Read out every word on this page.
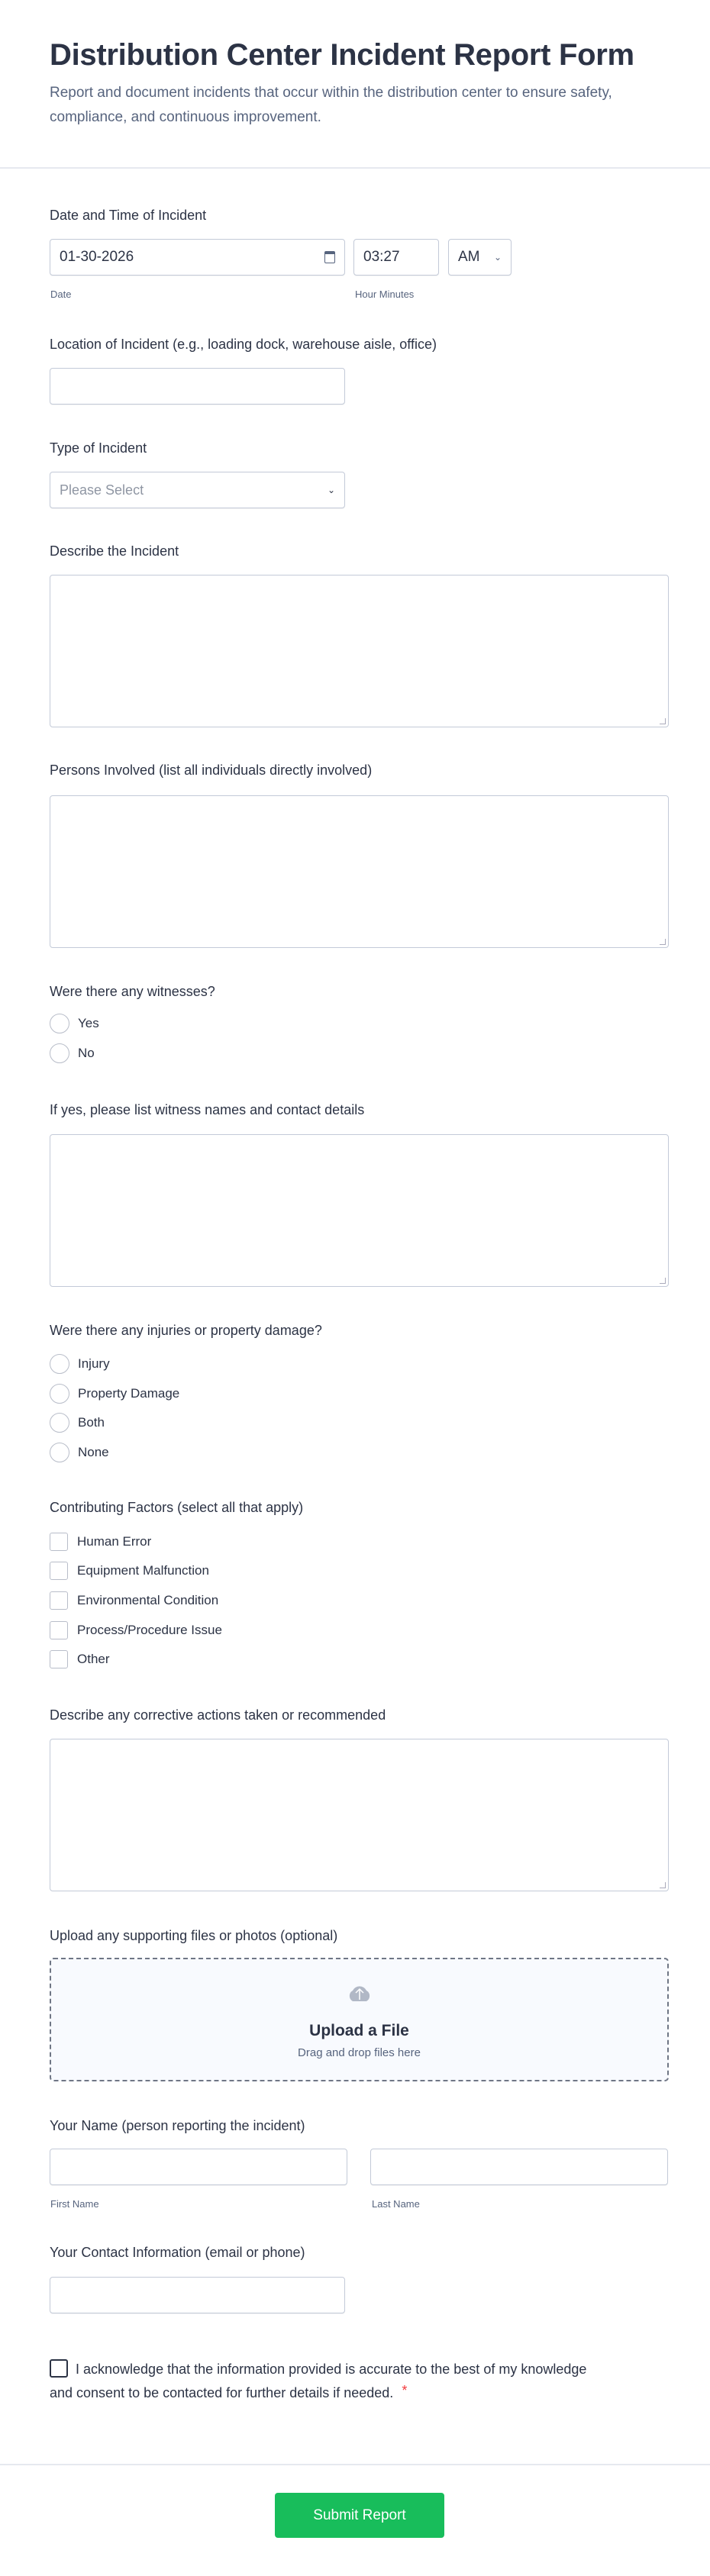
Distribution Center Incident Report Form

Report and document incidents that occur within the distribution center to ensure safety, compliance, and continuous improvement.

Date and Time of Incident
01-30-2026	03:27	AM ⌄
Date	Hour Minutes
Location of Incident (e.g., loading dock, warehouse aisle, office)
Type of Incident
Please Select	⌄
Describe the Incident
Persons Involved (list all individuals directly involved)
Were there any witnesses?
Yes
No
If yes, please list witness names and contact details
Were there any injuries or property damage?
Injury
Property Damage
Both
None
Contributing Factors (select all that apply)
Human Error
Equipment Malfunction
Environmental Condition
Process/Procedure Issue
Other
Describe any corrective actions taken or recommended
Upload any supporting files or photos (optional)
Upload a File
Drag and drop files here
Your Name (person reporting the incident)
First Name	Last Name
Your Contact Information (email or phone)
I acknowledge that the information provided is accurate to the best of my knowledge and consent to be contacted for further details if needed. *
Submit Report
